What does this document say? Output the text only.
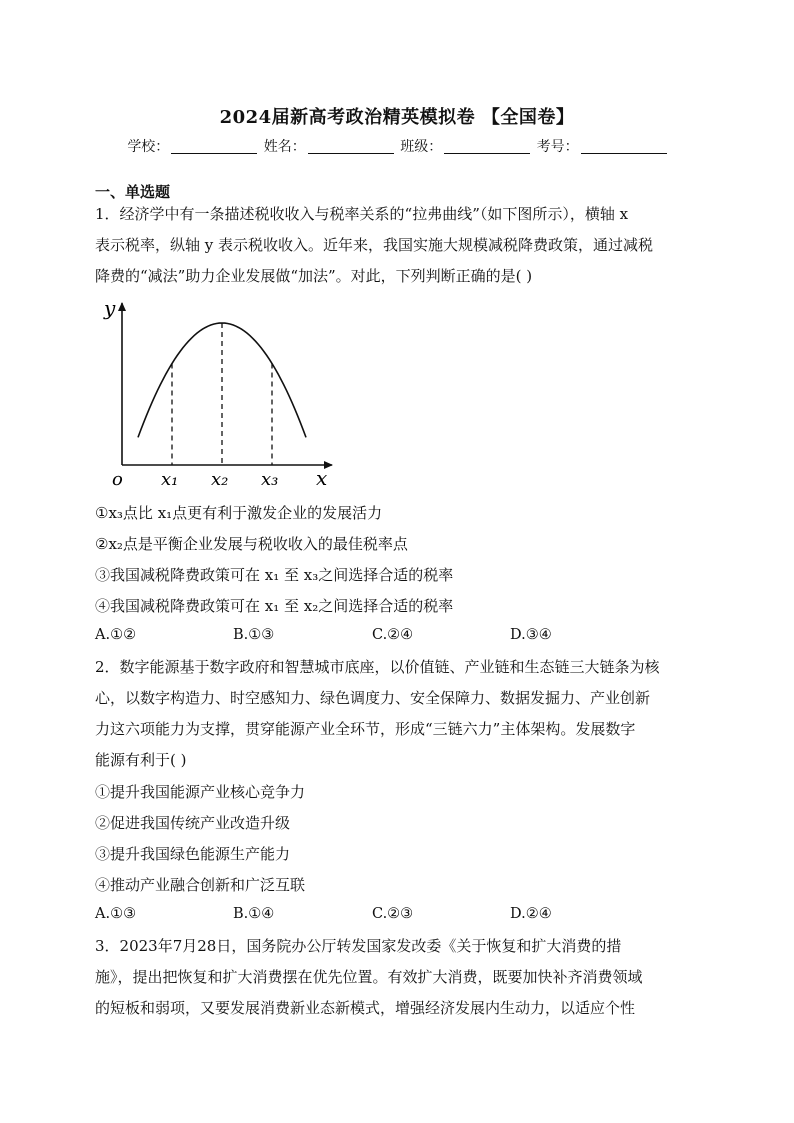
2024届新高考政治精英模拟卷 【全国卷】
学校：	姓名：	班级：	考号：
一、单选题
1．经济学中有一条描述税收收入与税率关系的“拉弗曲线”（如下图所示），横轴 x
表示税率，纵轴 y 表示税收收入。近年来，我国实施大规模减税降费政策，通过减税
降费的“减法”助力企业发展做“加法”。对此，下列判断正确的是( )
y
x
o x₁ x₂ x₃
①x₃点比 x₁点更有利于激发企业的发展活力
②x₂点是平衡企业发展与税收收入的最佳税率点
③我国减税降费政策可在 x₁ 至 x₃之间选择合适的税率
④我国减税降费政策可在 x₁ 至 x₂之间选择合适的税率
A.①②	B.①③	C.②④	D.③④
2．数字能源基于数字政府和智慧城市底座，以价值链、产业链和生态链三大链条为核
心，以数字构造力、时空感知力、绿色调度力、安全保障力、数据发掘力、产业创新
力这六项能力为支撑，贯穿能源产业全环节，形成“三链六力”主体架构。发展数字
能源有利于( )
①提升我国能源产业核心竞争力
②促进我国传统产业改造升级
③提升我国绿色能源生产能力
④推动产业融合创新和广泛互联
A.①③	B.①④	C.②③	D.②④
3．2023年7月28日，国务院办公厅转发国家发改委《关于恢复和扩大消费的措
施》，提出把恢复和扩大消费摆在优先位置。有效扩大消费，既要加快补齐消费领域
的短板和弱项，又要发展消费新业态新模式，增强经济发展内生动力，以适应个性
